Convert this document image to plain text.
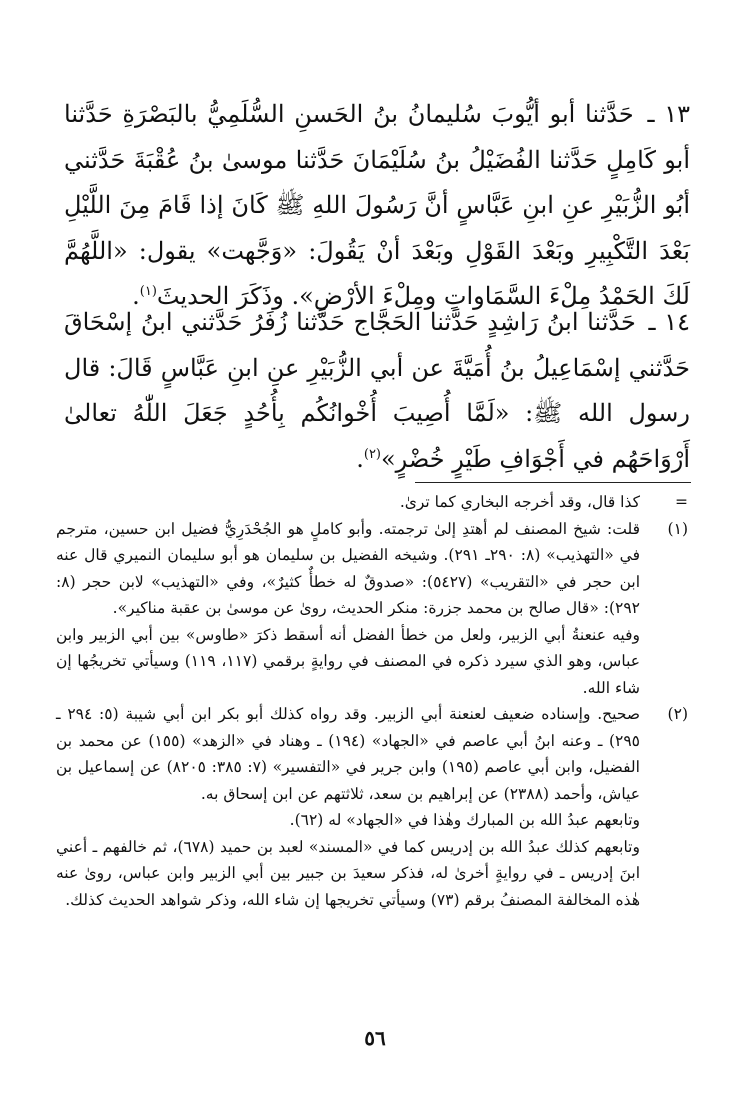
١٣ ـ حَدَّثنا أبو أيُّوبَ سُليمانُ بنُ الحَسنِ السُّلَمِيُّ بالبَصْرَةِ حَدَّثنا أبو كَامِلٍ حَدَّثنا الفُضَيْلُ بنُ سُلَيْمَانَ حَدَّثنا موسىٰ بنُ عُقْبَةَ حَدَّثني أبُو الزُّبَيْرِ عنِ ابنِ عَبَّاسٍ أنَّ رَسُولَ اللهِ ﷺ كَانَ إذا قَامَ مِنَ اللَّيْلِ بَعْدَ التَّكْبِيرِ وبَعْدَ القَوْلِ وبَعْدَ أنْ يَقُولَ: «وَجَّهت» يقول: «اللَّهُمَّ لَكَ الحَمْدُ مِلْءَ السَّمَاواتِ ومِلْءَ الأرْضِ». وذَكَرَ الحديثَ$^{(١)}$.

١٤ ـ حَدَّثنا ابنُ رَاشِدٍ حَدَّثنا الحَجَّاج حَدَّثنا زُفَرُ حَدَّثني ابنُ إسْحَاقَ حَدَّثني إسْمَاعِيلُ بنُ أُمَيَّةَ عن أبي الزُّبَيْرِ عنِ ابنِ عَبَّاسٍ قَالَ: قال رسول الله ﷺ: «لَمَّا أُصِيبَ أُخْوانُكُم بِأُحُدٍ جَعَلَ اللّٰهُ تعالىٰ أَرْوَاحَهُم في أَجْوَافِ طَيْرٍ خُضْرٍ»$^{(٢)}$.

=

كذا قال، وقد أخرجه البخاري كما ترىٰ.

(١)

قلت: شيخ المصنف لم أهتدِ إلىٰ ترجمته. وأبو كاملٍ هو الجُحْدَرِيُّ فضيل ابن حسين، مترجم في «التهذيب» (٨: ٢٩٠ـ ٢٩١). وشيخه الفضيل بن سليمان هو أبو سليمان النميري قال عنه ابن حجر في «التقريب» (٥٤٢٧): «صدوقٌ له خطأٌ كثيرٌ»، وفي «التهذيب» لابن حجر (٨: ٢٩٢): «قال صالح بن محمد جزرة: منكر الحديث، روىٰ عن موسىٰ بن عقبة مناكير».

وفيه عنعنةُ أبي الزبير، ولعل من خطأ الفضل أنه أسقط ذكرَ «طاوس» بين أبي الزبير وابن عباس، وهو الذي سيرد ذكره في المصنف في روايةٍ برقمي (١١٧، ١١٩) وسيأتي تخريجُها إن شاء الله.

(٢)

صحيح. وإسناده ضعيف لعنعنة أبي الزبير. وقد رواه كذلك أبو بكر ابن أبي شيبة (٥: ٢٩٤ ـ ٢٩٥) ـ وعنه ابنُ أبي عاصم في «الجهاد» (١٩٤) ـ وهناد في «الزهد» (١٥٥) عن محمد بن الفضيل، وابن أبي عاصم (١٩٥) وابن جرير في «التفسير» (٧: ٣٨٥: ٨٢٠٥) عن إسماعيل بن عياش، وأحمد (٢٣٨٨) عن إبراهيم بن سعد، ثلاثتهم عن ابن إسحاق به.

وتابعهم عبدُ الله بن المبارك وهٰذا في «الجهاد» له (٦٢).

وتابعهم كذلك عبدُ الله بن إدريس كما في «المسند» لعبد بن حميد (٦٧٨)، ثم خالفهم ـ أعني ابنَ إدريس ـ في روايةٍ أخرىٰ له، فذكر سعيدَ بن جبير بين أبي الزبير وابن عباس، روىٰ عنه هٰذه المخالفة المصنفُ برقم (٧٣) وسيأتي تخريجها إن شاء الله، وذكر شواهد الحديث كذلك.

٥٦
